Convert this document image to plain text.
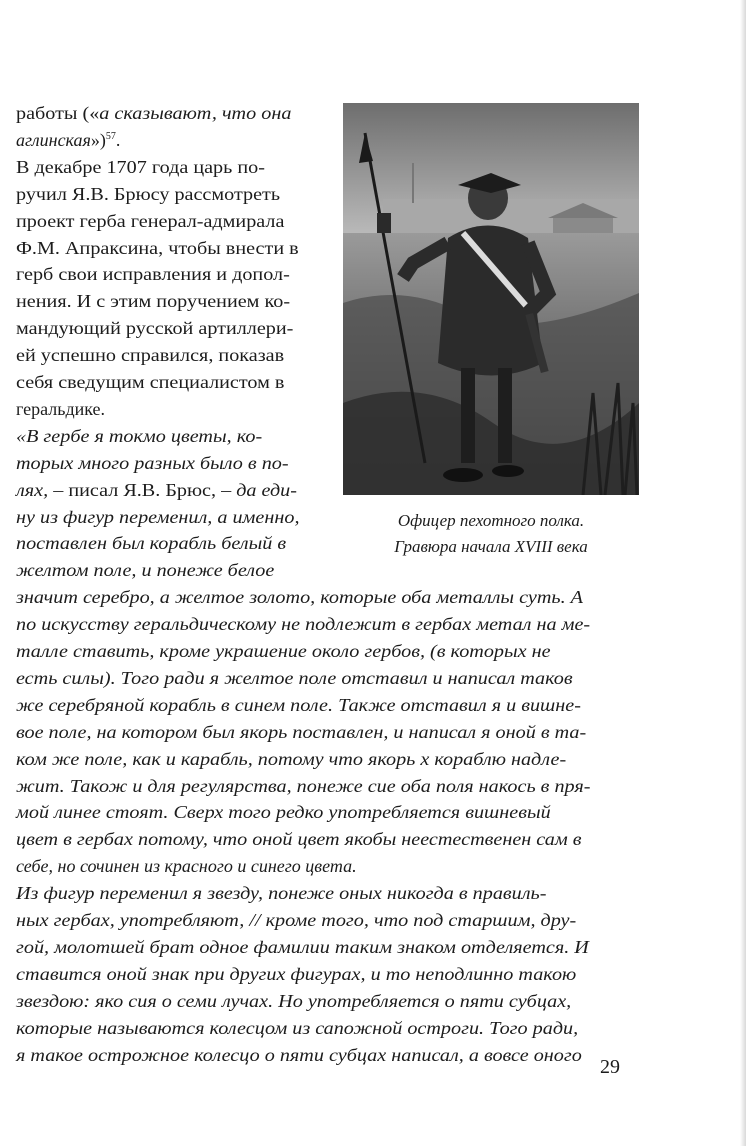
Офицер пехотного полка.
Гравюра начала XVIII века
работы («а сказывают, что она
аглинская»)$^{57}$.
В декабре 1707 года царь по-
ручил Я.В. Брюсу рассмотреть
проект герба генерал-адмирала
Ф.М. Апраксина, чтобы внести в
герб свои исправления и допол-
нения. И с этим поручением ко-
мандующий русской артиллери-
ей успешно справился, показав
себя сведущим специалистом в
геральдике.
«В гербе я токмо цветы, ко-
торых много разных было в по-
лях, – писал Я.В. Брюс, – да еди-
ну из фигур переменил, а именно,
поставлен был корабль белый в
желтом поле, и понеже белое
значит серебро, а желтое золото, которые оба металлы суть. А
по искусству геральдическому не подлежит в гербах метал на ме-
талле ставить, кроме украшение около гербов, (в которых не
есть силы). Того ради я желтое поле отставил и написал таков
же серебряной корабль в синем поле. Также отставил я и вишне-
вое поле, на котором был якорь поставлен, и написал я оной в та-
ком же поле, как и карабль, потому что якорь х кораблю надле-
жит. Також и для регулярства, понеже сие оба поля накось в пря-
мой линее стоят. Сверх того редко употребляется вишневый
цвет в гербах потому, что оной цвет якобы неестественен сам в
себе, но сочинен из красного и синего цвета.
Из фигур переменил я звезду, понеже оных никогда в правиль-
ных гербах, употребляют, // кроме того, что под старшим, дру-
гой, молотшей брат одное фамилии таким знаком отделяется. И
ставится оной знак при других фигурах, и то неподлинно такою
звездою: яко сия о семи лучах. Но употребляется о пяти субцах,
которые называются колесцом из сапожной остроги. Того ради,
я такое острожное колесцо о пяти субцах написал, а вовсе оного
29
